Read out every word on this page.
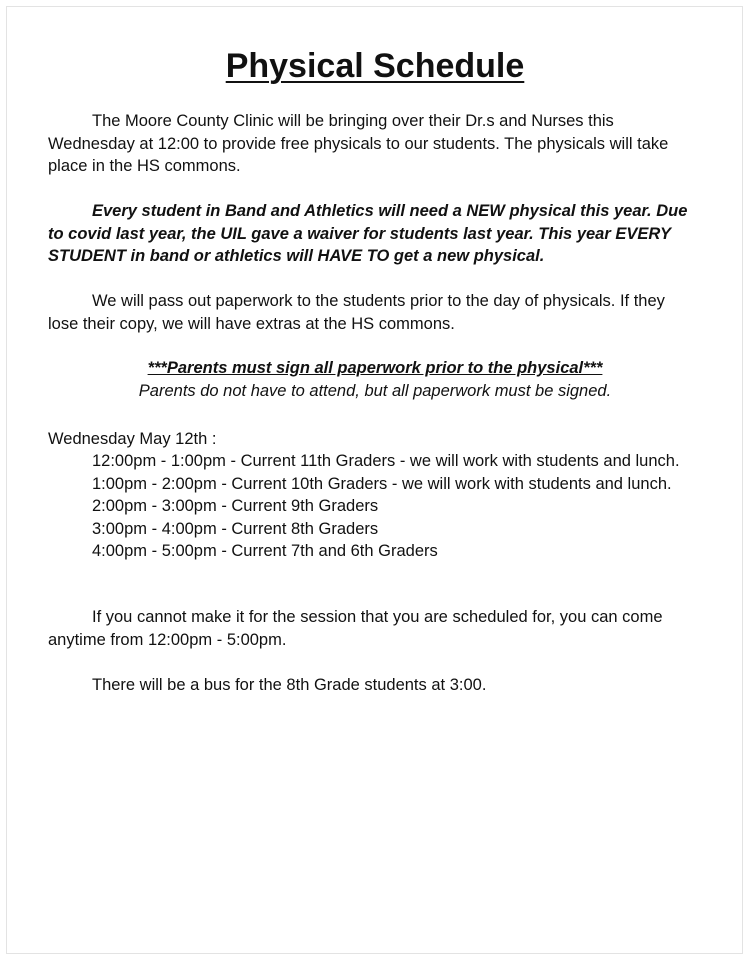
Physical Schedule

The Moore County Clinic will be bringing over their Dr.s and Nurses this Wednesday at 12:00 to provide free physicals to our students. The physicals will take place in the HS commons.

Every student in Band and Athletics will need a NEW physical this year. Due to covid last year, the UIL gave a waiver for students last year. This year EVERY STUDENT in band or athletics will HAVE TO get a new physical.

We will pass out paperwork to the students prior to the day of physicals. If they lose their copy, we will have extras at the HS commons.

***Parents must sign all paperwork prior to the physical***
Parents do not have to attend, but all paperwork must be signed.
Wednesday May 12th :
12:00pm - 1:00pm - Current 11th Graders - we will work with students and lunch.
1:00pm - 2:00pm - Current 10th Graders - we will work with students and lunch.
2:00pm - 3:00pm - Current 9th Graders
3:00pm - 4:00pm - Current 8th Graders
4:00pm - 5:00pm - Current 7th and 6th Graders

If you cannot make it for the session that you are scheduled for, you can come anytime from 12:00pm - 5:00pm.

There will be a bus for the 8th Grade students at 3:00.
